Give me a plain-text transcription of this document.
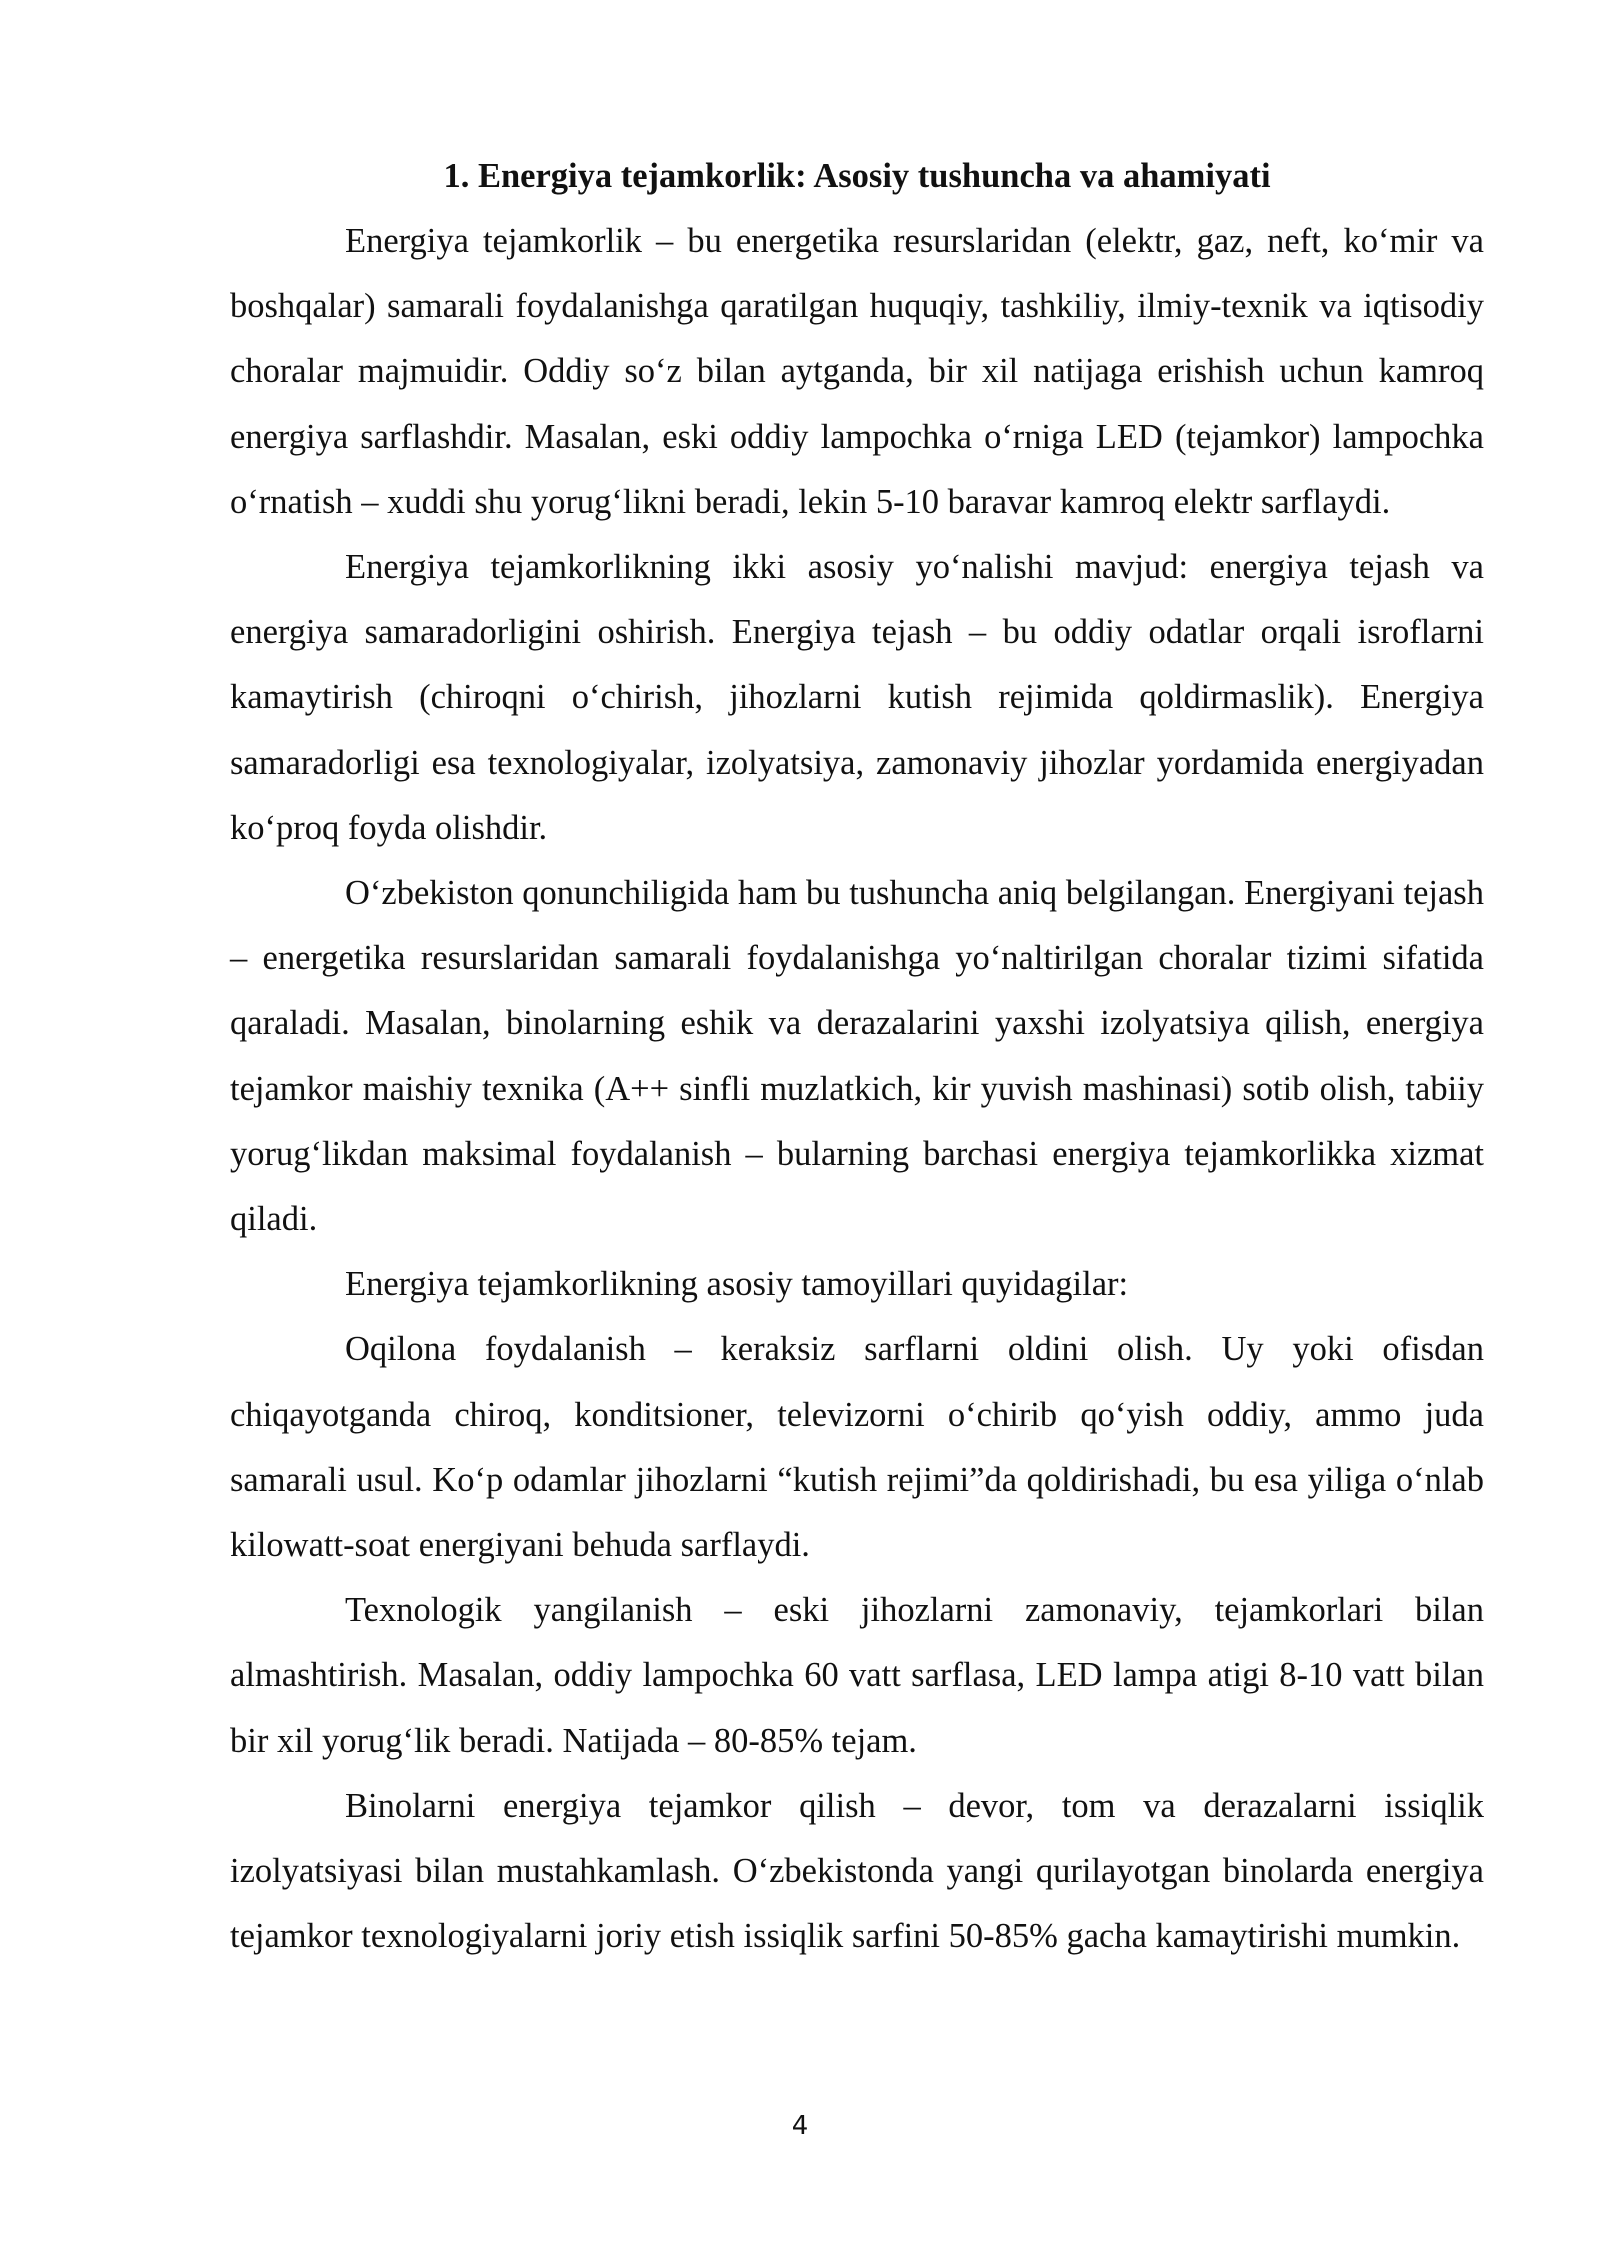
1. Energiya tejamkorlik: Asosiy tushuncha va ahamiyati

Energiya tejamkorlik – bu energetika resurslaridan (elektr, gaz, neft, ko‘mir va boshqalar) samarali foydalanishga qaratilgan huquqiy, tashkiliy, ilmiy-texnik va iqtisodiy choralar majmuidir. Oddiy so‘z bilan aytganda, bir xil natijaga erishish uchun kamroq energiya sarflashdir. Masalan, eski oddiy lampochka o‘rniga LED (tejamkor) lampochka o‘rnatish – xuddi shu yorug‘likni beradi, lekin 5-10 baravar kamroq elektr sarflaydi.

Energiya tejamkorlikning ikki asosiy yo‘nalishi mavjud: energiya tejash va energiya samaradorligini oshirish. Energiya tejash – bu oddiy odatlar orqali isroflarni kamaytirish (chiroqni o‘chirish, jihozlarni kutish rejimida qoldirmaslik). Energiya samaradorligi esa texnologiyalar, izolyatsiya, zamonaviy jihozlar yordamida energiyadan ko‘proq foyda olishdir.

O‘zbekiston qonunchiligida ham bu tushuncha aniq belgilangan. Energiyani tejash – energetika resurslaridan samarali foydalanishga yo‘naltirilgan choralar tizimi sifatida qaraladi. Masalan, binolarning eshik va derazalarini yaxshi izolyatsiya qilish, energiya tejamkor maishiy texnika (A++ sinfli muzlatkich, kir yuvish mashinasi) sotib olish, tabiiy yorug‘likdan maksimal foydalanish – bularning barchasi energiya tejamkorlikka xizmat qiladi.

Energiya tejamkorlikning asosiy tamoyillari quyidagilar:

Oqilona foydalanish – keraksiz sarflarni oldini olish. Uy yoki ofisdan chiqayotganda chiroq, konditsioner, televizorni o‘chirib qo‘yish oddiy, ammo juda samarali usul. Ko‘p odamlar jihozlarni “kutish rejimi”da qoldirishadi, bu esa yiliga o‘nlab kilowatt-soat energiyani behuda sarflaydi.

Texnologik yangilanish – eski jihozlarni zamonaviy, tejamkorlari bilan almashtirish. Masalan, oddiy lampochka 60 vatt sarflasa, LED lampa atigi 8-10 vatt bilan bir xil yorug‘lik beradi. Natijada – 80-85% tejam.

Binolarni energiya tejamkor qilish – devor, tom va derazalarni issiqlik izolyatsiyasi bilan mustahkamlash. O‘zbekistonda yangi qurilayotgan binolarda energiya tejamkor texnologiyalarni joriy etish issiqlik sarfini 50-85% gacha kamaytirishi mumkin.

4
